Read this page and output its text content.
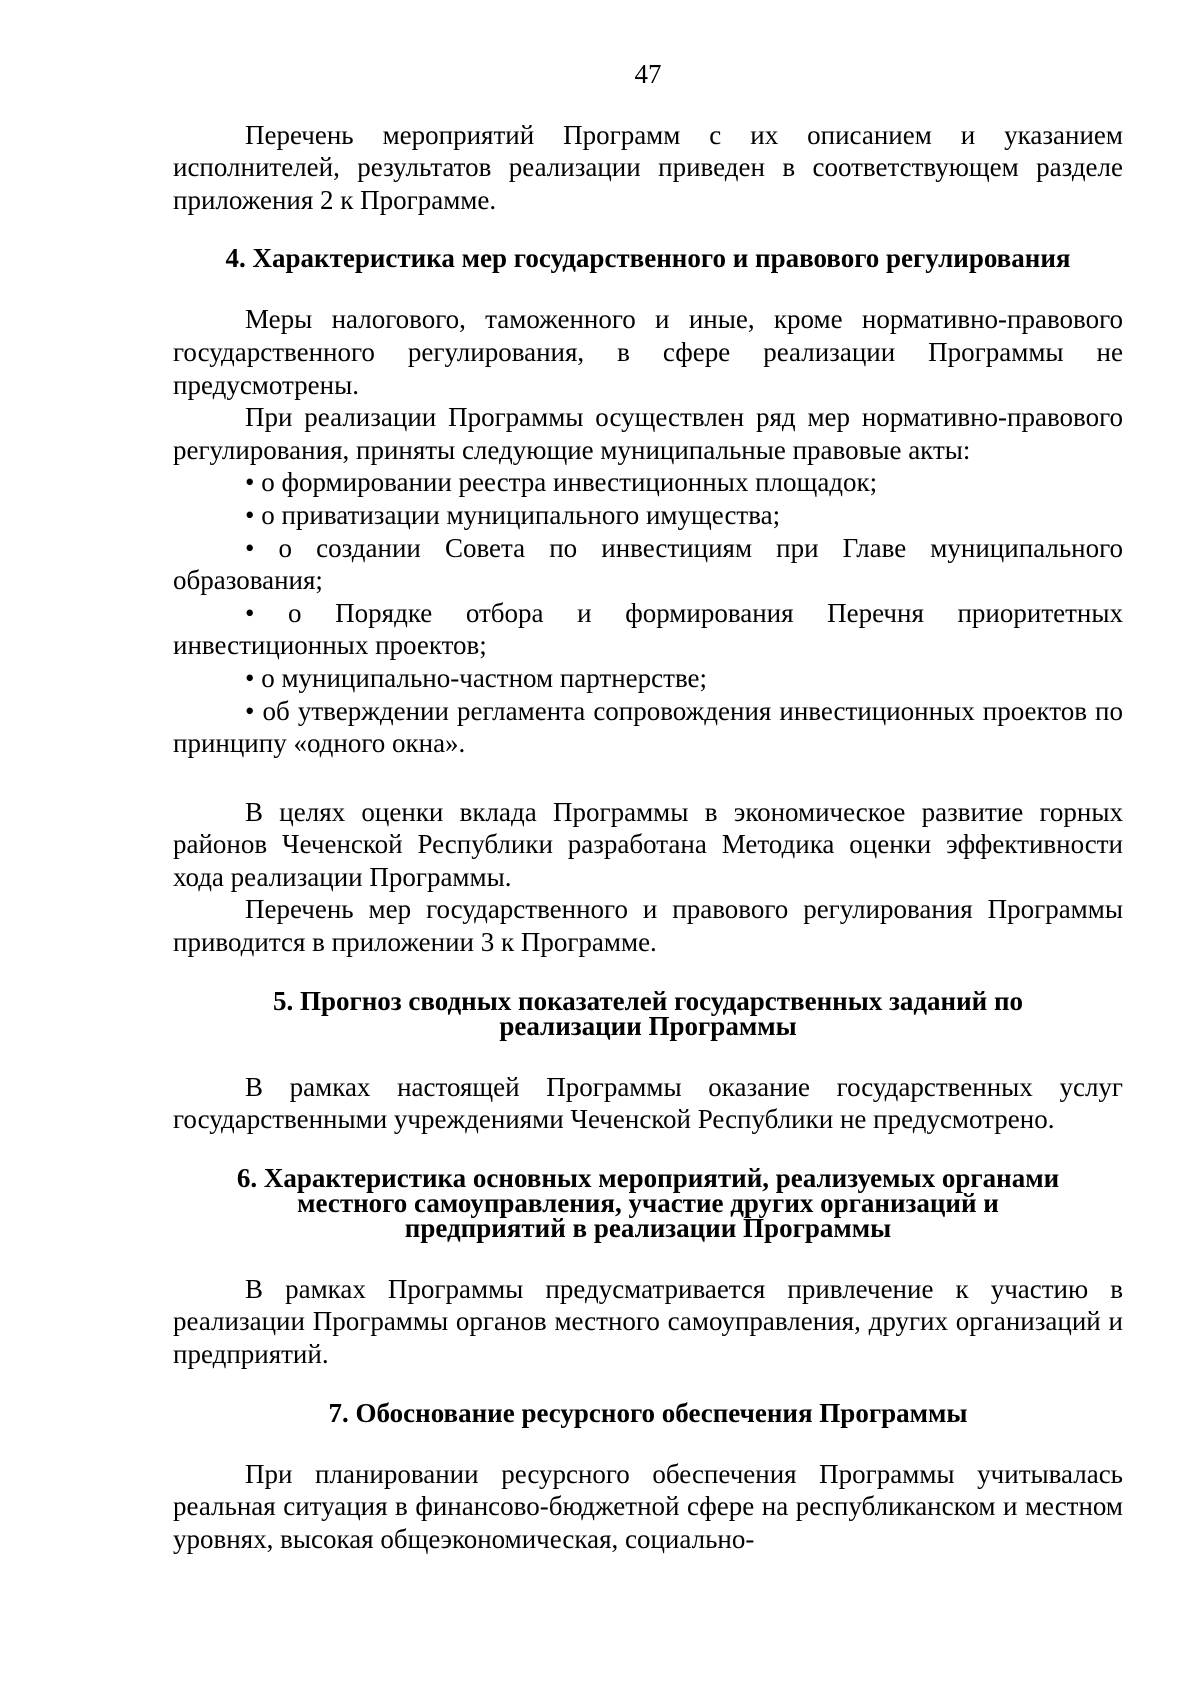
47

Перечень мероприятий Программ с их описанием и указанием исполнителей, результатов реализации приведен в соответствующем разделе приложения 2 к Программе.

4. Характеристика мер государственного и правового регулирования

Меры налогового, таможенного и иные, кроме нормативно-правового государственного регулирования, в сфере реализации Программы не предусмотрены.

При реализации Программы осуществлен ряд мер нормативно-правового регулирования, приняты следующие муниципальные правовые акты:

• о формировании реестра инвестиционных площадок;

• о приватизации муниципального имущества;

• о создании Совета по инвестициям при Главе муниципального образования;

• о Порядке отбора и формирования Перечня приоритетных инвестиционных проектов;

• о муниципально-частном партнерстве;

• об утверждении регламента сопровождения инвестиционных проектов по принципу «одного окна».

В целях оценки вклада Программы в экономическое развитие горных районов Чеченской Республики разработана Методика оценки эффективности хода реализации Программы.

Перечень мер государственного и правового регулирования Программы приводится в приложении 3 к Программе.

5. Прогноз сводных показателей государственных заданий по
реализации Программы

В рамках настоящей Программы оказание государственных услуг государственными учреждениями Чеченской Республики не предусмотрено.

6. Характеристика основных мероприятий, реализуемых органами
местного самоуправления, участие других организаций и
предприятий в реализации Программы

В рамках Программы предусматривается привлечение к участию в реализации Программы органов местного самоуправления, других организаций и предприятий.

7. Обоснование ресурсного обеспечения Программы

При планировании ресурсного обеспечения Программы учитывалась реальная ситуация в финансово-бюджетной сфере на республиканском и местном уровнях, высокая общеэкономическая, социально-
